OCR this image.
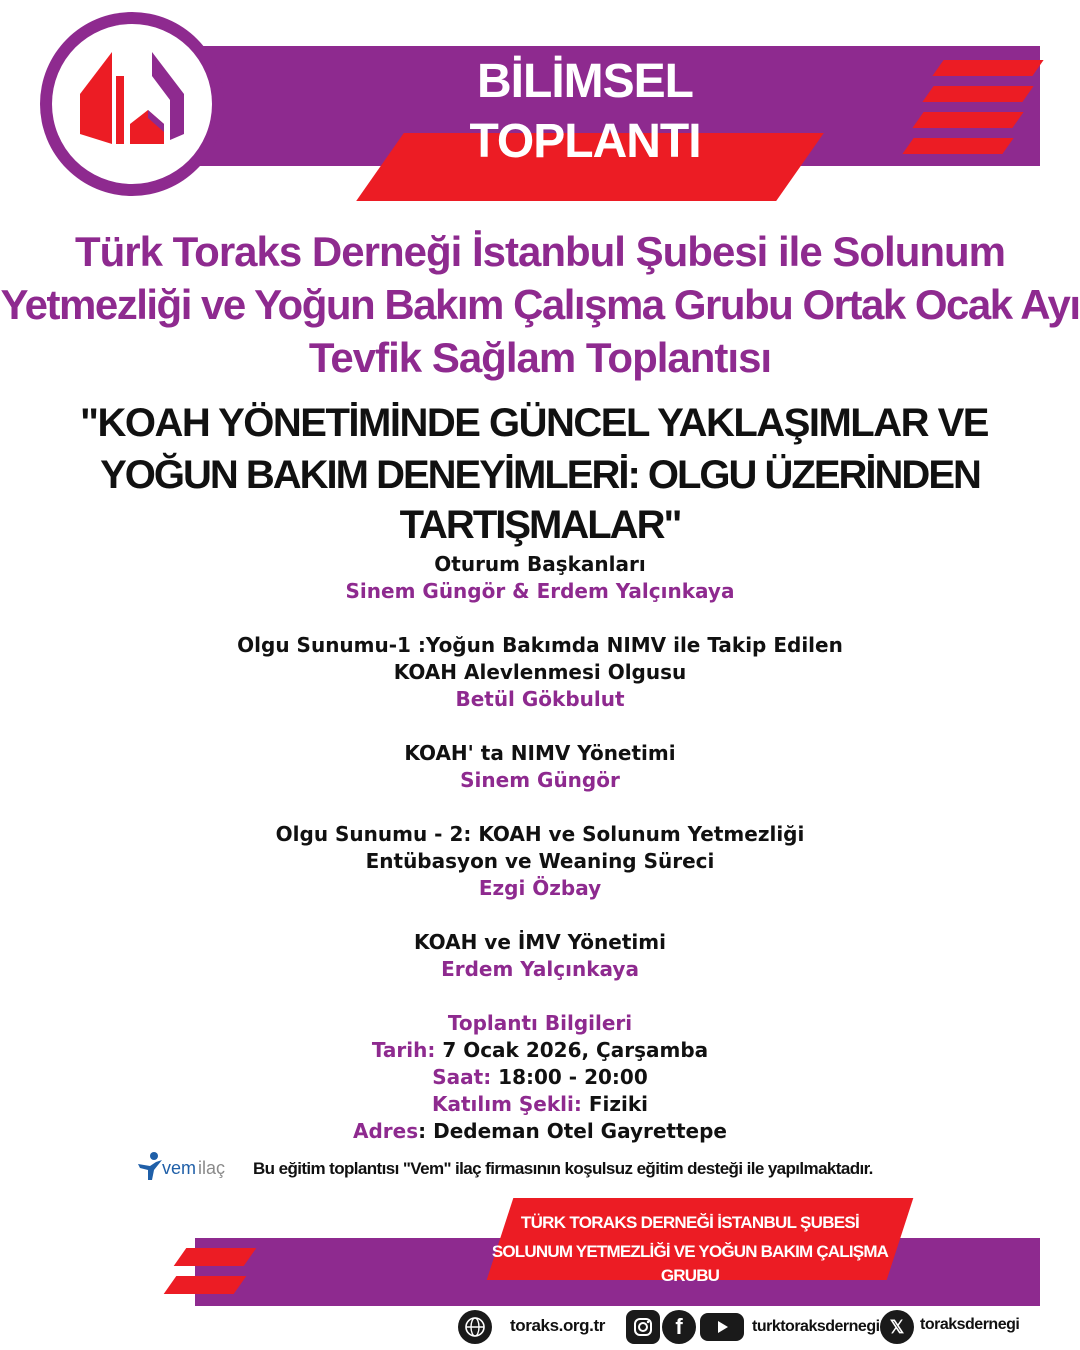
BİLİMSEL TOPLANTI
Türk Toraks Derneği İstanbul Şubesi ile Solunum
Yetmezliği ve Yoğun Bakım Çalışma Grubu Ortak Ocak Ayı
Tevfik Sağlam Toplantısı
"KOAH YÖNETİMİNDE GÜNCEL YAKLAŞIMLAR VE
YOĞUN BAKIM DENEYİMLERİ: OLGU ÜZERİNDEN TARTIŞMALAR"
Oturum Başkanları
Sinem Güngör & Erdem Yalçınkaya
Olgu Sunumu-1 :Yoğun Bakımda NIMV ile Takip Edilen
KOAH Alevlenmesi Olgusu
Betül Gökbulut
KOAH' ta NIMV Yönetimi
Sinem Güngör
Olgu Sunumu - 2: KOAH ve Solunum Yetmezliği
Entübasyon ve Weaning Süreci
Ezgi Özbay
KOAH ve İMV Yönetimi
Erdem Yalçınkaya
Toplantı Bilgileri
Tarih: 7 Ocak 2026, Çarşamba
Saat: 18:00 - 20:00
Katılım Şekli: Fiziki
Adres: Dedeman Otel Gayrettepe
vem ilaç Bu eğitim toplantısı "Vem" ilaç firmasının koşulsuz eğitim desteği ile yapılmaktadır.
TÜRK TORAKS DERNEĞİ İSTANBUL ŞUBESİ
SOLUNUM YETMEZLİĞİ VE YOĞUN BAKIM ÇALIŞMA GRUBU
toraks.org.tr	f	turktoraksdernegi 𝕏 toraksdernegi
